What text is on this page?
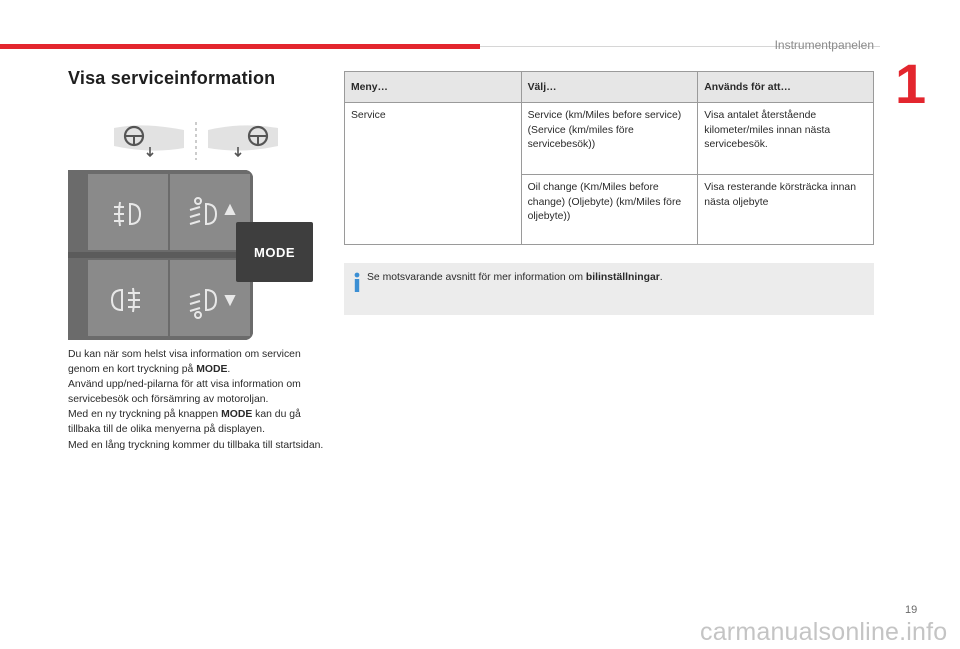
Instrumentpanelen
1
Visa serviceinformation
MODE

Du kan när som helst visa information om servicen genom en kort tryckning på MODE.

Använd upp/ned-pilarna för att visa information om servicebesök och försämring av motoroljan.

Med en ny tryckning på knappen MODE kan du gå tillbaka till de olika menyerna på displayen.

Med en lång tryckning kommer du tillbaka till startsidan.

Meny…	Välj…	Används för att…
Service	Service (km/Miles before service) (Service (km/miles före servicebesök))	Visa antalet återstående kilometer/miles innan nästa servicebesök.
	Oil change (Km/Miles before change) (Oljebyte) (km/Miles före oljebyte))	Visa resterande körsträcka innan nästa oljebyte
Se motsvarande avsnitt för mer information om bilinställningar.
19
carmanualsonline.info
